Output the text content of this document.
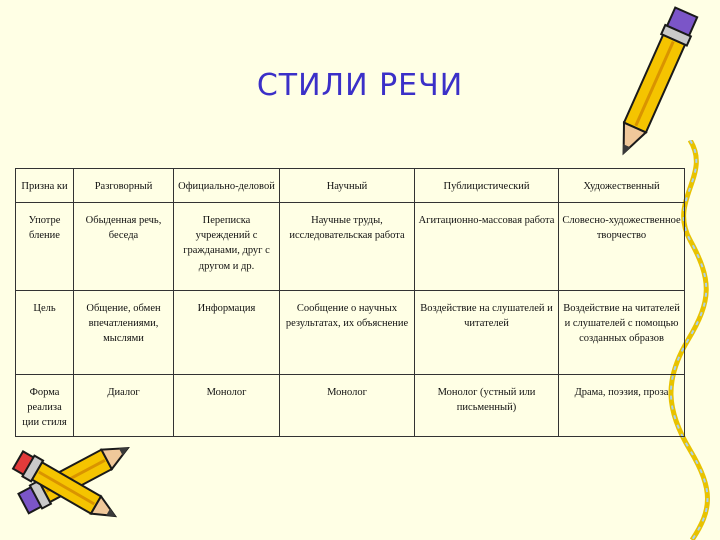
СТИЛИ РЕЧИ
Призна ки	Разговорный	Официально-деловой	Научный	Публицистический	Художественный
Употре бление	Обыденная речь, беседа	Переписка учреждений с гражданами, друг с другом и др.	Научные труды, исследовательская работа	Агитационно-массовая работа	Словесно-художественное творчество
Цель	Общение, обмен впечатлениями, мыслями	Информация	Сообщение о научных результатах, их объяснение	Воздействие на слушателей и читателей	Воздействие на читателей и слушателей с помощью созданных образов
Форма реализа ции стиля	Диалог	Монолог	Монолог	Монолог (устный или письменный)	Драма, поэзия, проза
